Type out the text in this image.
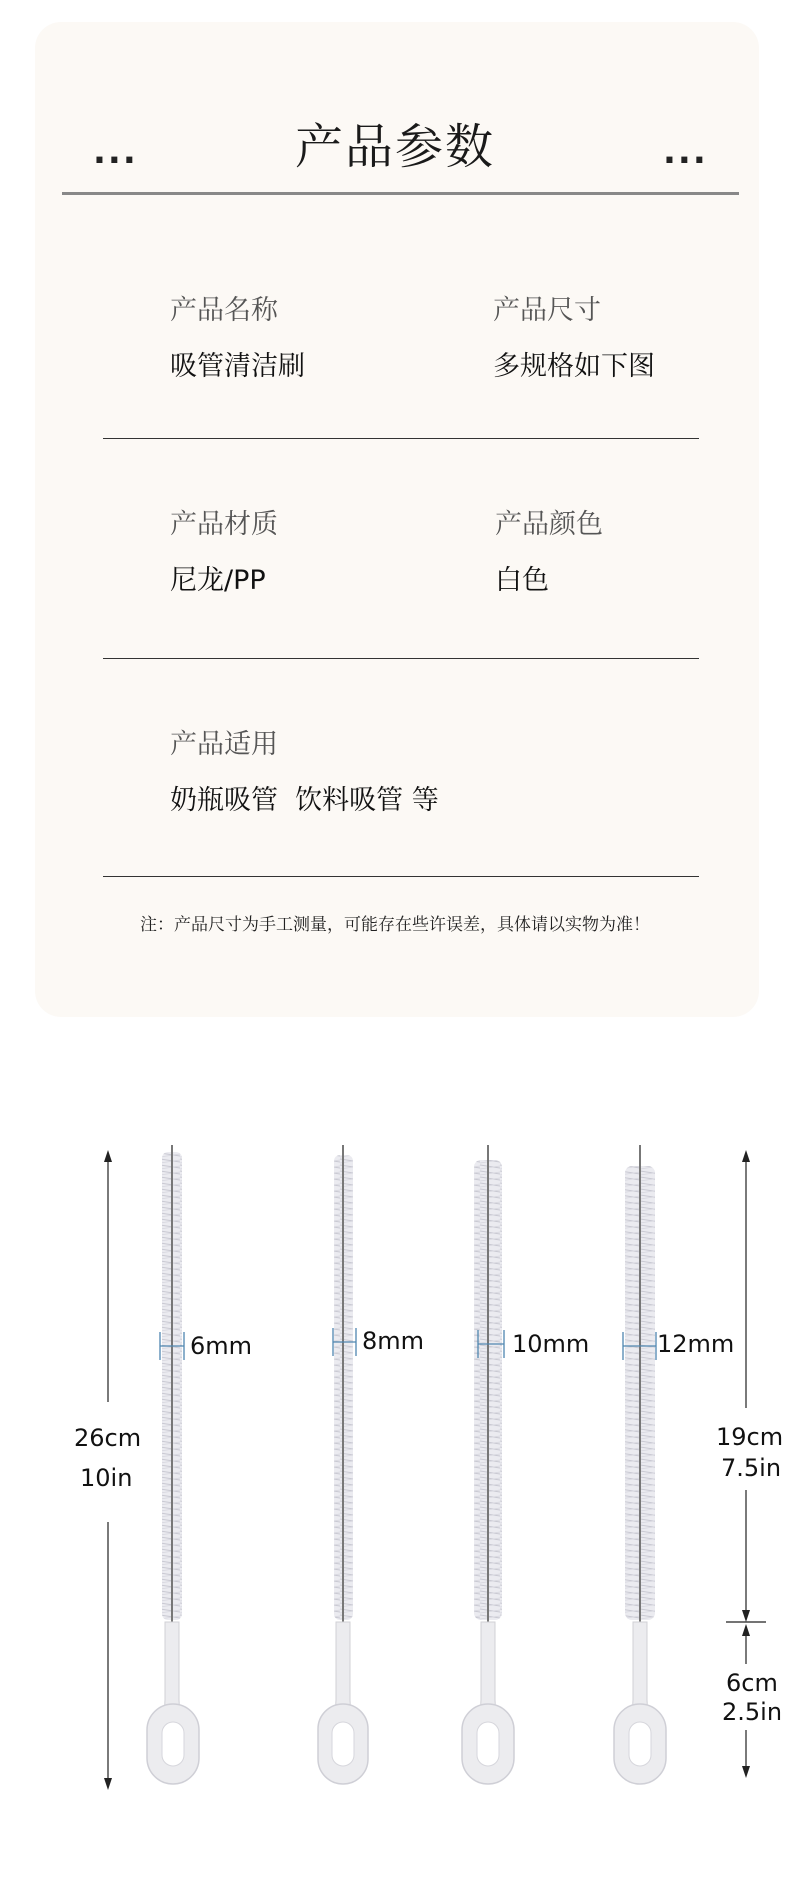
...	产品参数	...
产品名称
吸管清洁刷
产品尺寸
多规格如下图
产品材质
尼龙/PP
产品颜色
白色
产品适用
奶瓶吸管  饮料吸管 等
注：产品尺寸为手工测量，可能存在些许误差，具体请以实物为准！
6mm	8mm	10mm	12mm
26cm
10in
19cm
7.5in
6cm
2.5in
